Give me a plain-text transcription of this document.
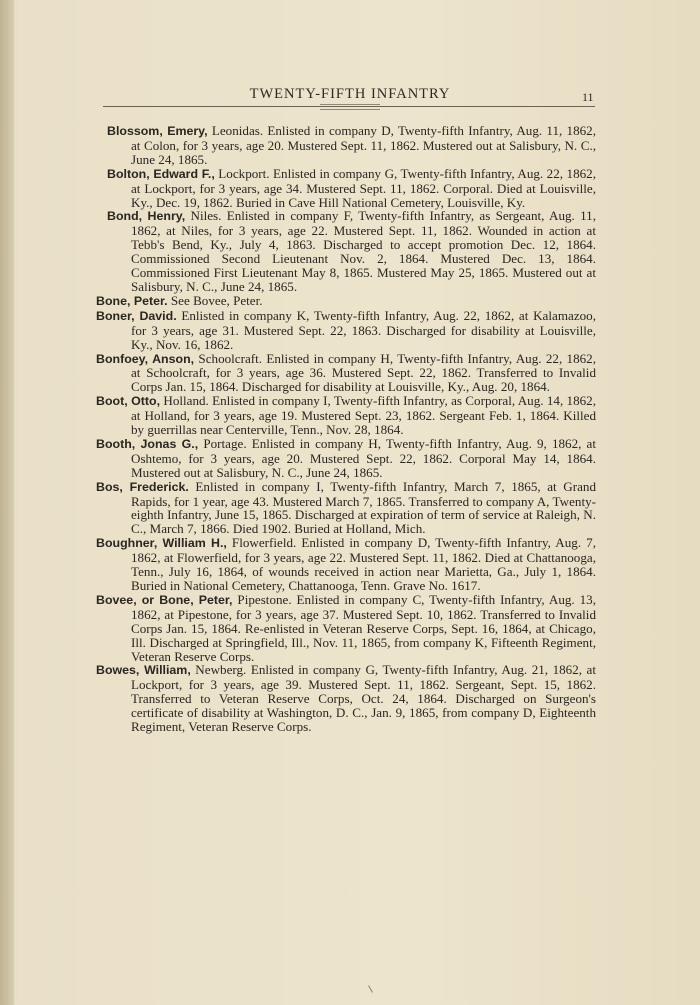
TWENTY-FIFTH INFANTRY	11

Blossom, Emery, Leonidas. Enlisted in company D, Twenty-fifth Infantry, Aug. 11, 1862, at Colon, for 3 years, age 20. Mustered Sept. 11, 1862. Mustered out at Salisbury, N. C., June 24, 1865.

Bolton, Edward F., Lockport. Enlisted in company G, Twenty-fifth Infantry, Aug. 22, 1862, at Lockport, for 3 years, age 34. Mustered Sept. 11, 1862. Corporal. Died at Louisville, Ky., Dec. 19, 1862. Buried in Cave Hill National Cemetery, Louisville, Ky.

Bond, Henry, Niles. Enlisted in company F, Twenty-fifth Infantry, as Sergeant, Aug. 11, 1862, at Niles, for 3 years, age 22. Mustered Sept. 11, 1862. Wounded in action at Tebb's Bend, Ky., July 4, 1863. Discharged to accept promotion Dec. 12, 1864. Commissioned Second Lieutenant Nov. 2, 1864. Mustered Dec. 13, 1864. Commissioned First Lieutenant May 8, 1865. Mustered May 25, 1865. Mustered out at Salisbury, N. C., June 24, 1865.

Bone, Peter. See Bovee, Peter.

Boner, David. Enlisted in company K, Twenty-fifth Infantry, Aug. 22, 1862, at Kalamazoo, for 3 years, age 31. Mustered Sept. 22, 1863. Discharged for disability at Louisville, Ky., Nov. 16, 1862.

Bonfoey, Anson, Schoolcraft. Enlisted in company H, Twenty-fifth Infantry, Aug. 22, 1862, at Schoolcraft, for 3 years, age 36. Mustered Sept. 22, 1862. Transferred to Invalid Corps Jan. 15, 1864. Discharged for disability at Louisville, Ky., Aug. 20, 1864.

Boot, Otto, Holland. Enlisted in company I, Twenty-fifth Infantry, as Corporal, Aug. 14, 1862, at Holland, for 3 years, age 19. Mustered Sept. 23, 1862. Sergeant Feb. 1, 1864. Killed by guerrillas near Centerville, Tenn., Nov. 28, 1864.

Booth, Jonas G., Portage. Enlisted in company H, Twenty-fifth Infantry, Aug. 9, 1862, at Oshtemo, for 3 years, age 20. Mustered Sept. 22, 1862. Corporal May 14, 1864. Mustered out at Salisbury, N. C., June 24, 1865.

Bos, Frederick. Enlisted in company I, Twenty-fifth Infantry, March 7, 1865, at Grand Rapids, for 1 year, age 43. Mustered March 7, 1865. Transferred to company A, Twenty-eighth Infantry, June 15, 1865. Discharged at expiration of term of service at Raleigh, N. C., March 7, 1866. Died 1902. Buried at Holland, Mich.

Boughner, William H., Flowerfield. Enlisted in company D, Twenty-fifth Infantry, Aug. 7, 1862, at Flowerfield, for 3 years, age 22. Mustered Sept. 11, 1862. Died at Chattanooga, Tenn., July 16, 1864, of wounds received in action near Marietta, Ga., July 1, 1864. Buried in National Cemetery, Chattanooga, Tenn. Grave No. 1617.

Bovee, or Bone, Peter, Pipestone. Enlisted in company C, Twenty-fifth Infantry, Aug. 13, 1862, at Pipestone, for 3 years, age 37. Mustered Sept. 10, 1862. Transferred to Invalid Corps Jan. 15, 1864. Re-enlisted in Veteran Reserve Corps, Sept. 16, 1864, at Chicago, Ill. Discharged at Springfield, Ill., Nov. 11, 1865, from company K, Fifteenth Regiment, Veteran Reserve Corps.

Bowes, William, Newberg. Enlisted in company G, Twenty-fifth Infantry, Aug. 21, 1862, at Lockport, for 3 years, age 39. Mustered Sept. 11, 1862. Sergeant, Sept. 15, 1862. Transferred to Veteran Reserve Corps, Oct. 24, 1864. Discharged on Surgeon's certificate of disability at Washington, D. C., Jan. 9, 1865, from company D, Eighteenth Regiment, Veteran Reserve Corps.
